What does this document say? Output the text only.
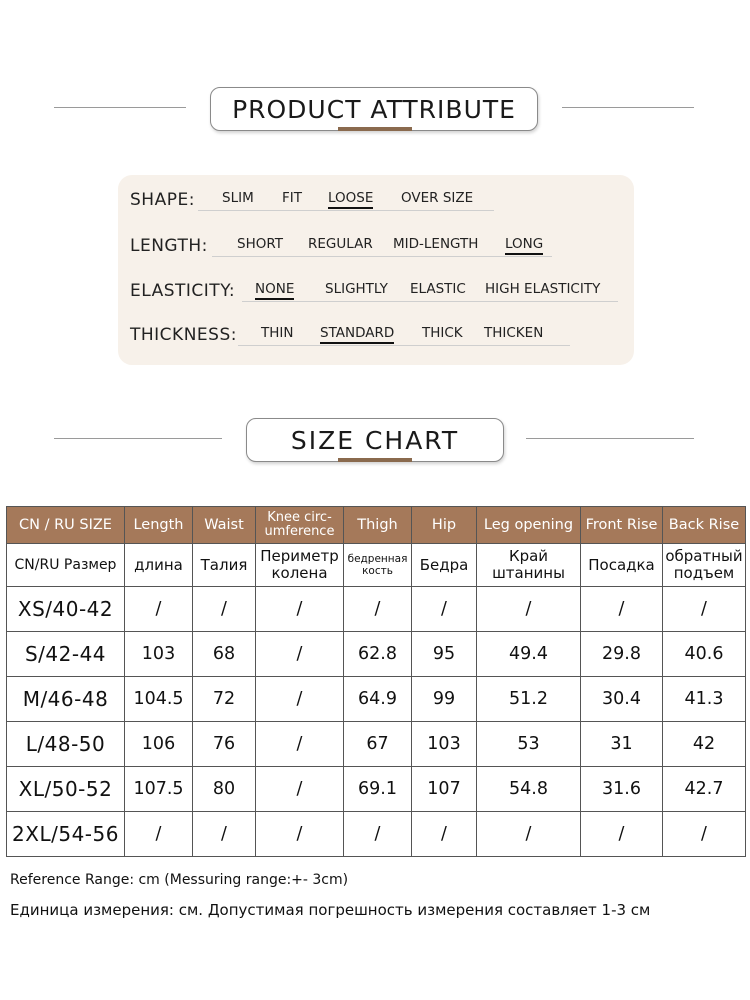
PRODUCT ATTRIBUTE
SHAPE: SLIM FIT LOOSE OVER SIZE
LENGTH: SHORT REGULAR MID-LENGTH LONG
ELASTICITY: NONE SLIGHTLY ELASTIC HIGH ELASTICITY
THICKNESS: THIN STANDARD THICK THICKEN
SIZE CHART
CN / RU SIZE	Length	Waist	Knee circ-umference	Thigh	Hip	Leg opening	Front Rise	Back Rise
CN/RU Размер	длина	Талия	Периметр колена	бедренная кость	Бедра	Край штанины	Посадка	обратный подъем
XS/40-42	/	/	/	/	/	/	/	/
S/42-44	103	68	/	62.8	95	49.4	29.8	40.6
M/46-48	104.5	72	/	64.9	99	51.2	30.4	41.3
L/48-50	106	76	/	67	103	53	31	42
XL/50-52	107.5	80	/	69.1	107	54.8	31.6	42.7
2XL/54-56	/	/	/	/	/	/	/	/
Reference Range: cm (Messuring range:+- 3cm)
Единица измерения: см. Допустимая погрешность измерения составляет 1-3 см
